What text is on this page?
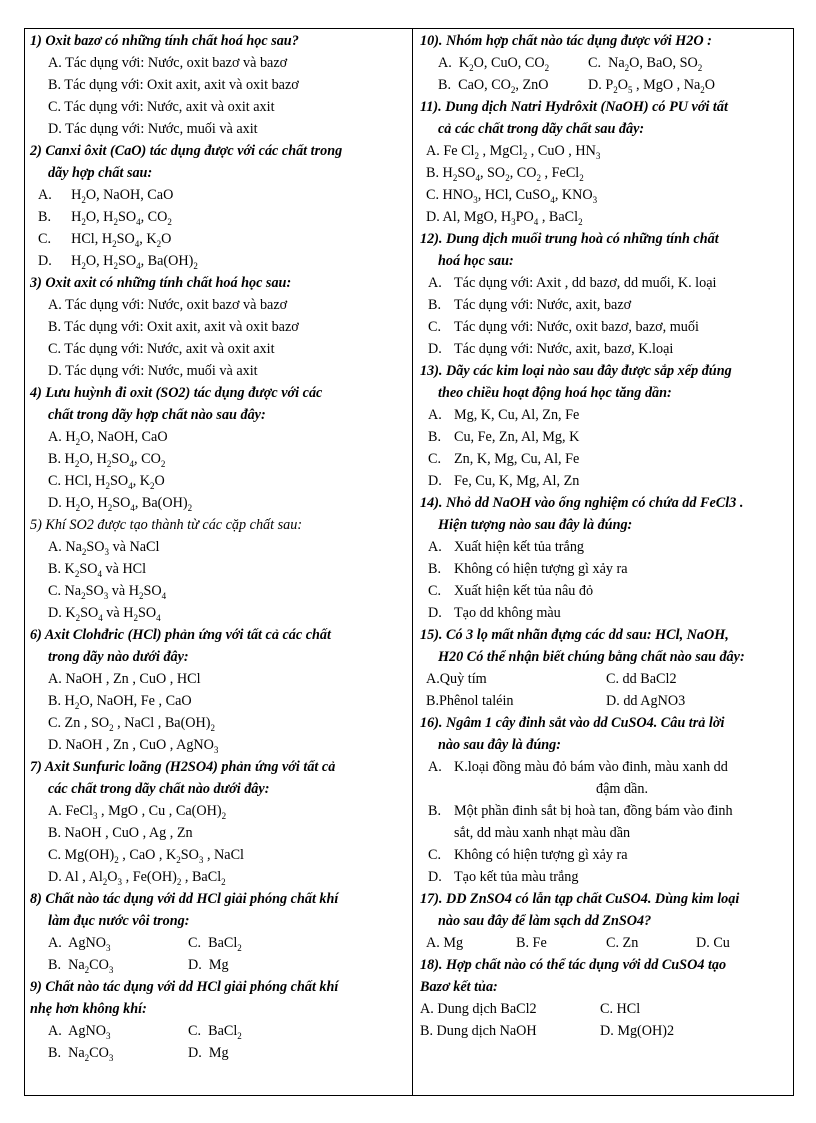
1) Oxit bazơ có những tính chất hoá học sau?
A. Tác dụng với: Nước, oxit bazơ và bazơ
B. Tác dụng với: Oxit axit, axit và oxit bazơ
C. Tác dụng với: Nước, axit và oxit axit
D. Tác dụng với: Nước, muối và axit
2) Canxi ôxit (CaO) tác dụng được với các chất trong
dãy hợp chất sau:
A. $H_2O$, NaOH, CaO
B. $H_2O$, $H_2SO_4$, $CO_2$
C. HCl, $H_2SO_4$, $K_2O$
D. $H_2O$, $H_2SO_4$, $Ba(OH)_2$
3) Oxit axit có những tính chất hoá học sau:
A. Tác dụng với: Nước, oxit bazơ và bazơ
B. Tác dụng với: Oxit axit, axit và oxit bazơ
C. Tác dụng với: Nước, axit và oxit axit
D. Tác dụng với: Nước, muối và axit
4) Lưu huỳnh đi oxit (SO2) tác dụng được với các
chất trong dãy hợp chất nào sau đây:
A. $H_2O$, NaOH, CaO
B. $H_2O$, $H_2SO_4$, $CO_2$
C. HCl, $H_2SO_4$, $K_2O$
D. $H_2O$, $H_2SO_4$, $Ba(OH)_2$
5) Khí SO2 được tạo thành từ các cặp chất sau:
A. $Na_2SO_3$ và NaCl
B. $K_2SO_4$ và HCl
C. $Na_2SO_3$ và $H_2SO_4$
D. $K_2SO_4$ và $H_2SO_4$
6) Axit Clohđric (HCl) phản ứng với tất cả các chất
trong dãy nào dưới đây:
A. NaOH , Zn , CuO , HCl
B. $H_2O$, NaOH, Fe , CaO
C. Zn , $SO_2$ , NaCl , $Ba(OH)_2$
D. NaOH , Zn , CuO , AgNO$_3$
7) Axit Sunfuric loãng (H2SO4) phản ứng với tất cả
các chất trong dãy chất nào dưới đây:
A. FeCl$_3$ , MgO , Cu , $Ca(OH)_2$
B. NaOH , CuO , Ag , Zn
C. $Mg(OH)_2$ , CaO , $K_2SO_3$ , NaCl
D. Al , $Al_2O_3$ , $Fe(OH)_2$ , BaCl$_2$
8) Chất nào tác dụng với dd HCl giải phóng chất khí
làm đục nước vôi trong:
A.  AgNO$_3$	C.  BaCl$_2$
B.  $Na_2CO_3$	D.  Mg
9) Chất nào tác dụng với dd HCl giải phóng chất khí
nhẹ hơn không khí:
A.  AgNO$_3$	C.  BaCl$_2$
B.  $Na_2CO_3$	D.  Mg
10). Nhóm hợp chất nào tác dụng được với H2O :
A.  $K_2O$, CuO, $CO_2$	C.  $Na_2O$, BaO, $SO_2$
B.  CaO, $CO_2$, ZnO	D. $P_2O_5$ , MgO , $Na_2O$
11). Dung dịch Natri Hydrôxit (NaOH) có PU với tất
cả các chất trong dãy chất sau đây:
A. Fe $Cl_2$ , MgCl$_2$ , CuO , $HN_3$
B. $H_2SO_4$, $SO_2$, $CO_2$ , FeCl$_2$
C. $HNO_3$, HCl, CuSO$_4$, $KNO_3$
D. Al, MgO, $H_3PO_4$ , BaCl$_2$
12). Dung dịch muối trung hoà có những tính chất
hoá học sau:
A. Tác dụng với: Axit , dd bazơ, dd muối, K. loại
B. Tác dụng với: Nước, axit, bazơ
C. Tác dụng với: Nước, oxit bazơ, bazơ, muối
D. Tác dụng với: Nước, axit, bazơ, K.loại
13). Dãy các kim loại nào sau đây được sắp xếp đúng
theo chiều hoạt động hoá học tăng dần:
A. Mg, K, Cu, Al, Zn, Fe
B. Cu, Fe, Zn, Al, Mg, K
C. Zn, K, Mg, Cu, Al, Fe
D. Fe, Cu, K, Mg, Al, Zn
14). Nhỏ dd NaOH vào ống nghiệm có chứa dd FeCl3 .
Hiện tượng nào sau đây là đúng:
A. Xuất hiện kết tủa trắng
B. Không có hiện tượng gì xảy ra
C. Xuất hiện kết tủa nâu đỏ
D. Tạo dd không màu
15). Có 3 lọ mất nhãn đựng các dd sau: HCl, NaOH,
H20 Có thể nhận biết chúng bằng chất nào sau đây:
A.Quỳ tím	C. dd BaCl2
B.Phênol taléin	D. dd AgNO3
16). Ngâm 1 cây đinh sắt vào dd CuSO4. Câu trả lời
nào sau đây là đúng:
A. K.loại đồng màu đỏ bám vào đinh, màu xanh dd
đậm dần.
B. Một phần đinh sắt bị hoà tan, đồng bám vào đinh
sắt, dd màu xanh nhạt màu dần
C. Không có hiện tượng gì xảy ra
D. Tạo kết tủa màu trắng
17). DD ZnSO4 có lẫn tạp chất CuSO4. Dùng kim loại
nào sau đây để làm sạch dd ZnSO4?
A. Mg	B. Fe	C. Zn	D. Cu
18). Hợp chất nào có thể tác dụng với dd CuSO4 tạo
Bazơ kết tủa:
A. Dung dịch BaCl2	C. HCl
B. Dung dịch NaOH	D. Mg(OH)2
